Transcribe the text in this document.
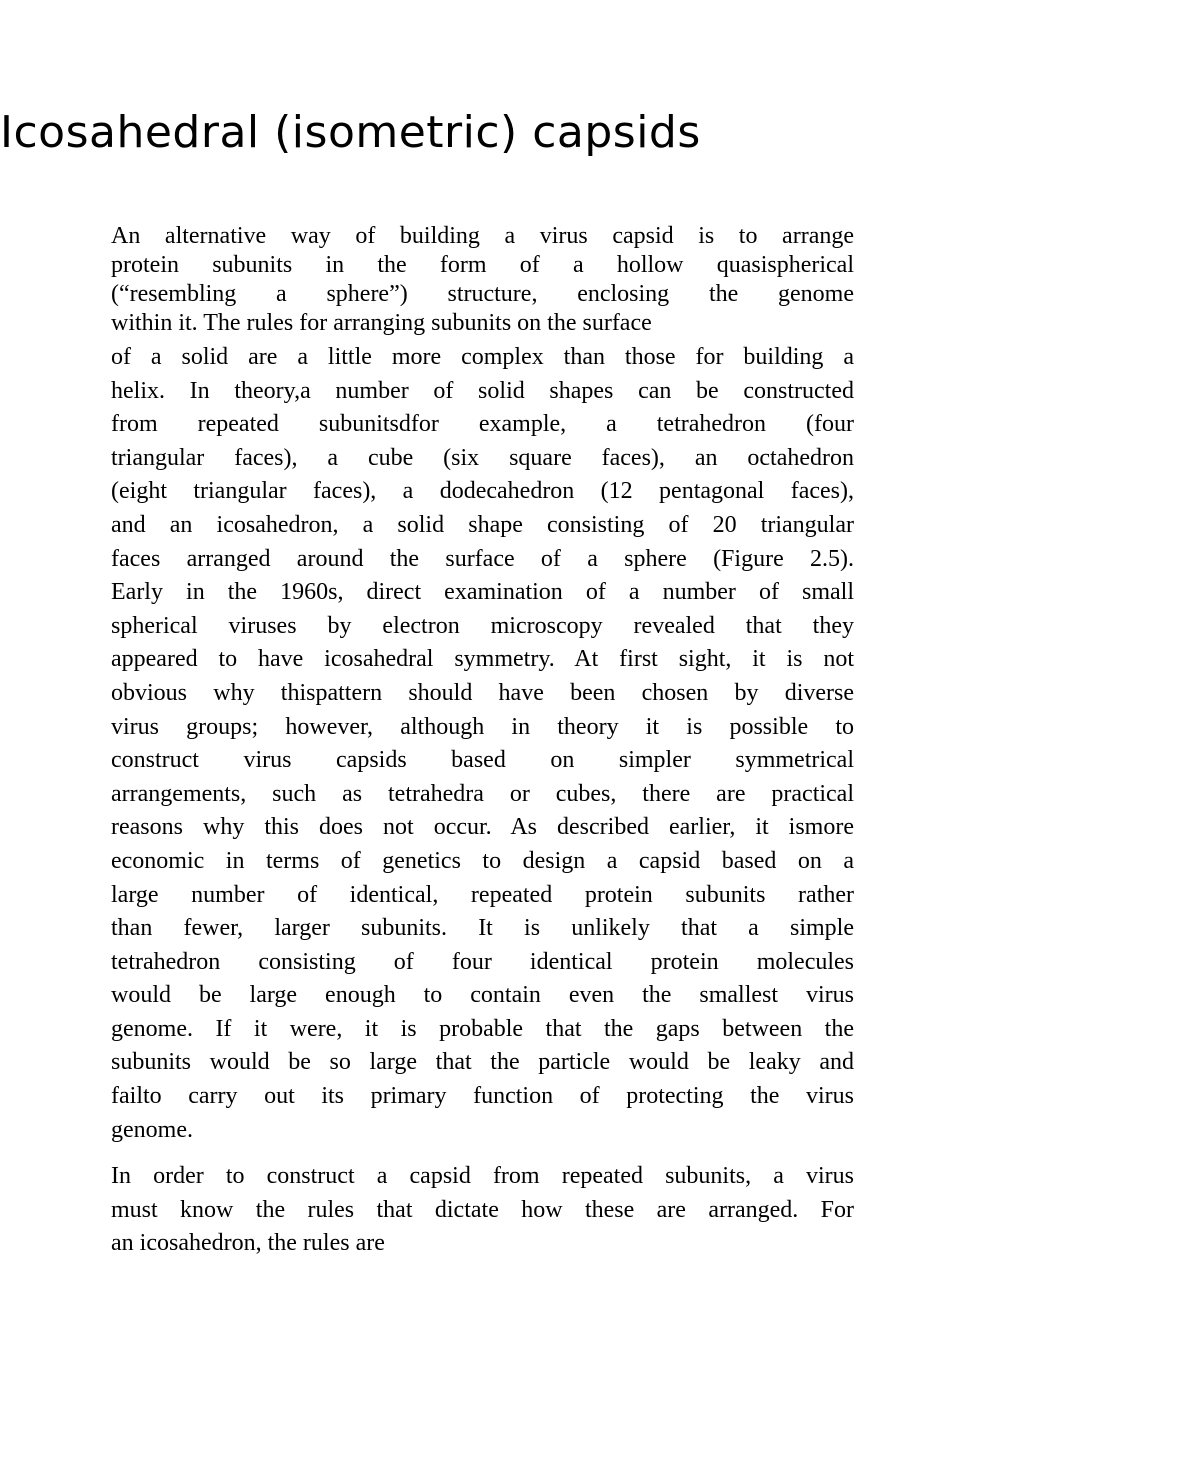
Icosahedral (isometric) capsids
An alternative way of building a virus capsid is to arrange
protein subunits in the form of a hollow quasispherical
(“resembling a sphere”) structure, enclosing the genome
within it. The rules for arranging subunits on the surface
of a solid are a little more complex than those for building a
helix. In theory,a number of solid shapes can be constructed
from repeated subunitsdfor example, a tetrahedron (four
triangular faces), a cube (six square faces), an octahedron
(eight triangular faces), a dodecahedron (12 pentagonal faces),
and an icosahedron, a solid shape consisting of 20 triangular
faces arranged around the surface of a sphere (Figure 2.5).
Early in the 1960s, direct examination of a number of small
spherical viruses by electron microscopy revealed that they
appeared to have icosahedral symmetry. At first sight, it is not
obvious why thispattern should have been chosen by diverse
virus groups; however, although in theory it is possible to
construct virus capsids based on simpler symmetrical
arrangements, such as tetrahedra or cubes, there are practical
reasons why this does not occur. As described earlier, it ismore
economic in terms of genetics to design a capsid based on a
large number of identical, repeated protein subunits rather
than fewer, larger subunits. It is unlikely that a simple
tetrahedron consisting of four identical protein molecules
would be large enough to contain even the smallest virus
genome. If it were, it is probable that the gaps between the
subunits would be so large that the particle would be leaky and
failto carry out its primary function of protecting the virus
genome.
In order to construct a capsid from repeated subunits, a virus
must know the rules that dictate how these are arranged. For
an icosahedron, the rules are
